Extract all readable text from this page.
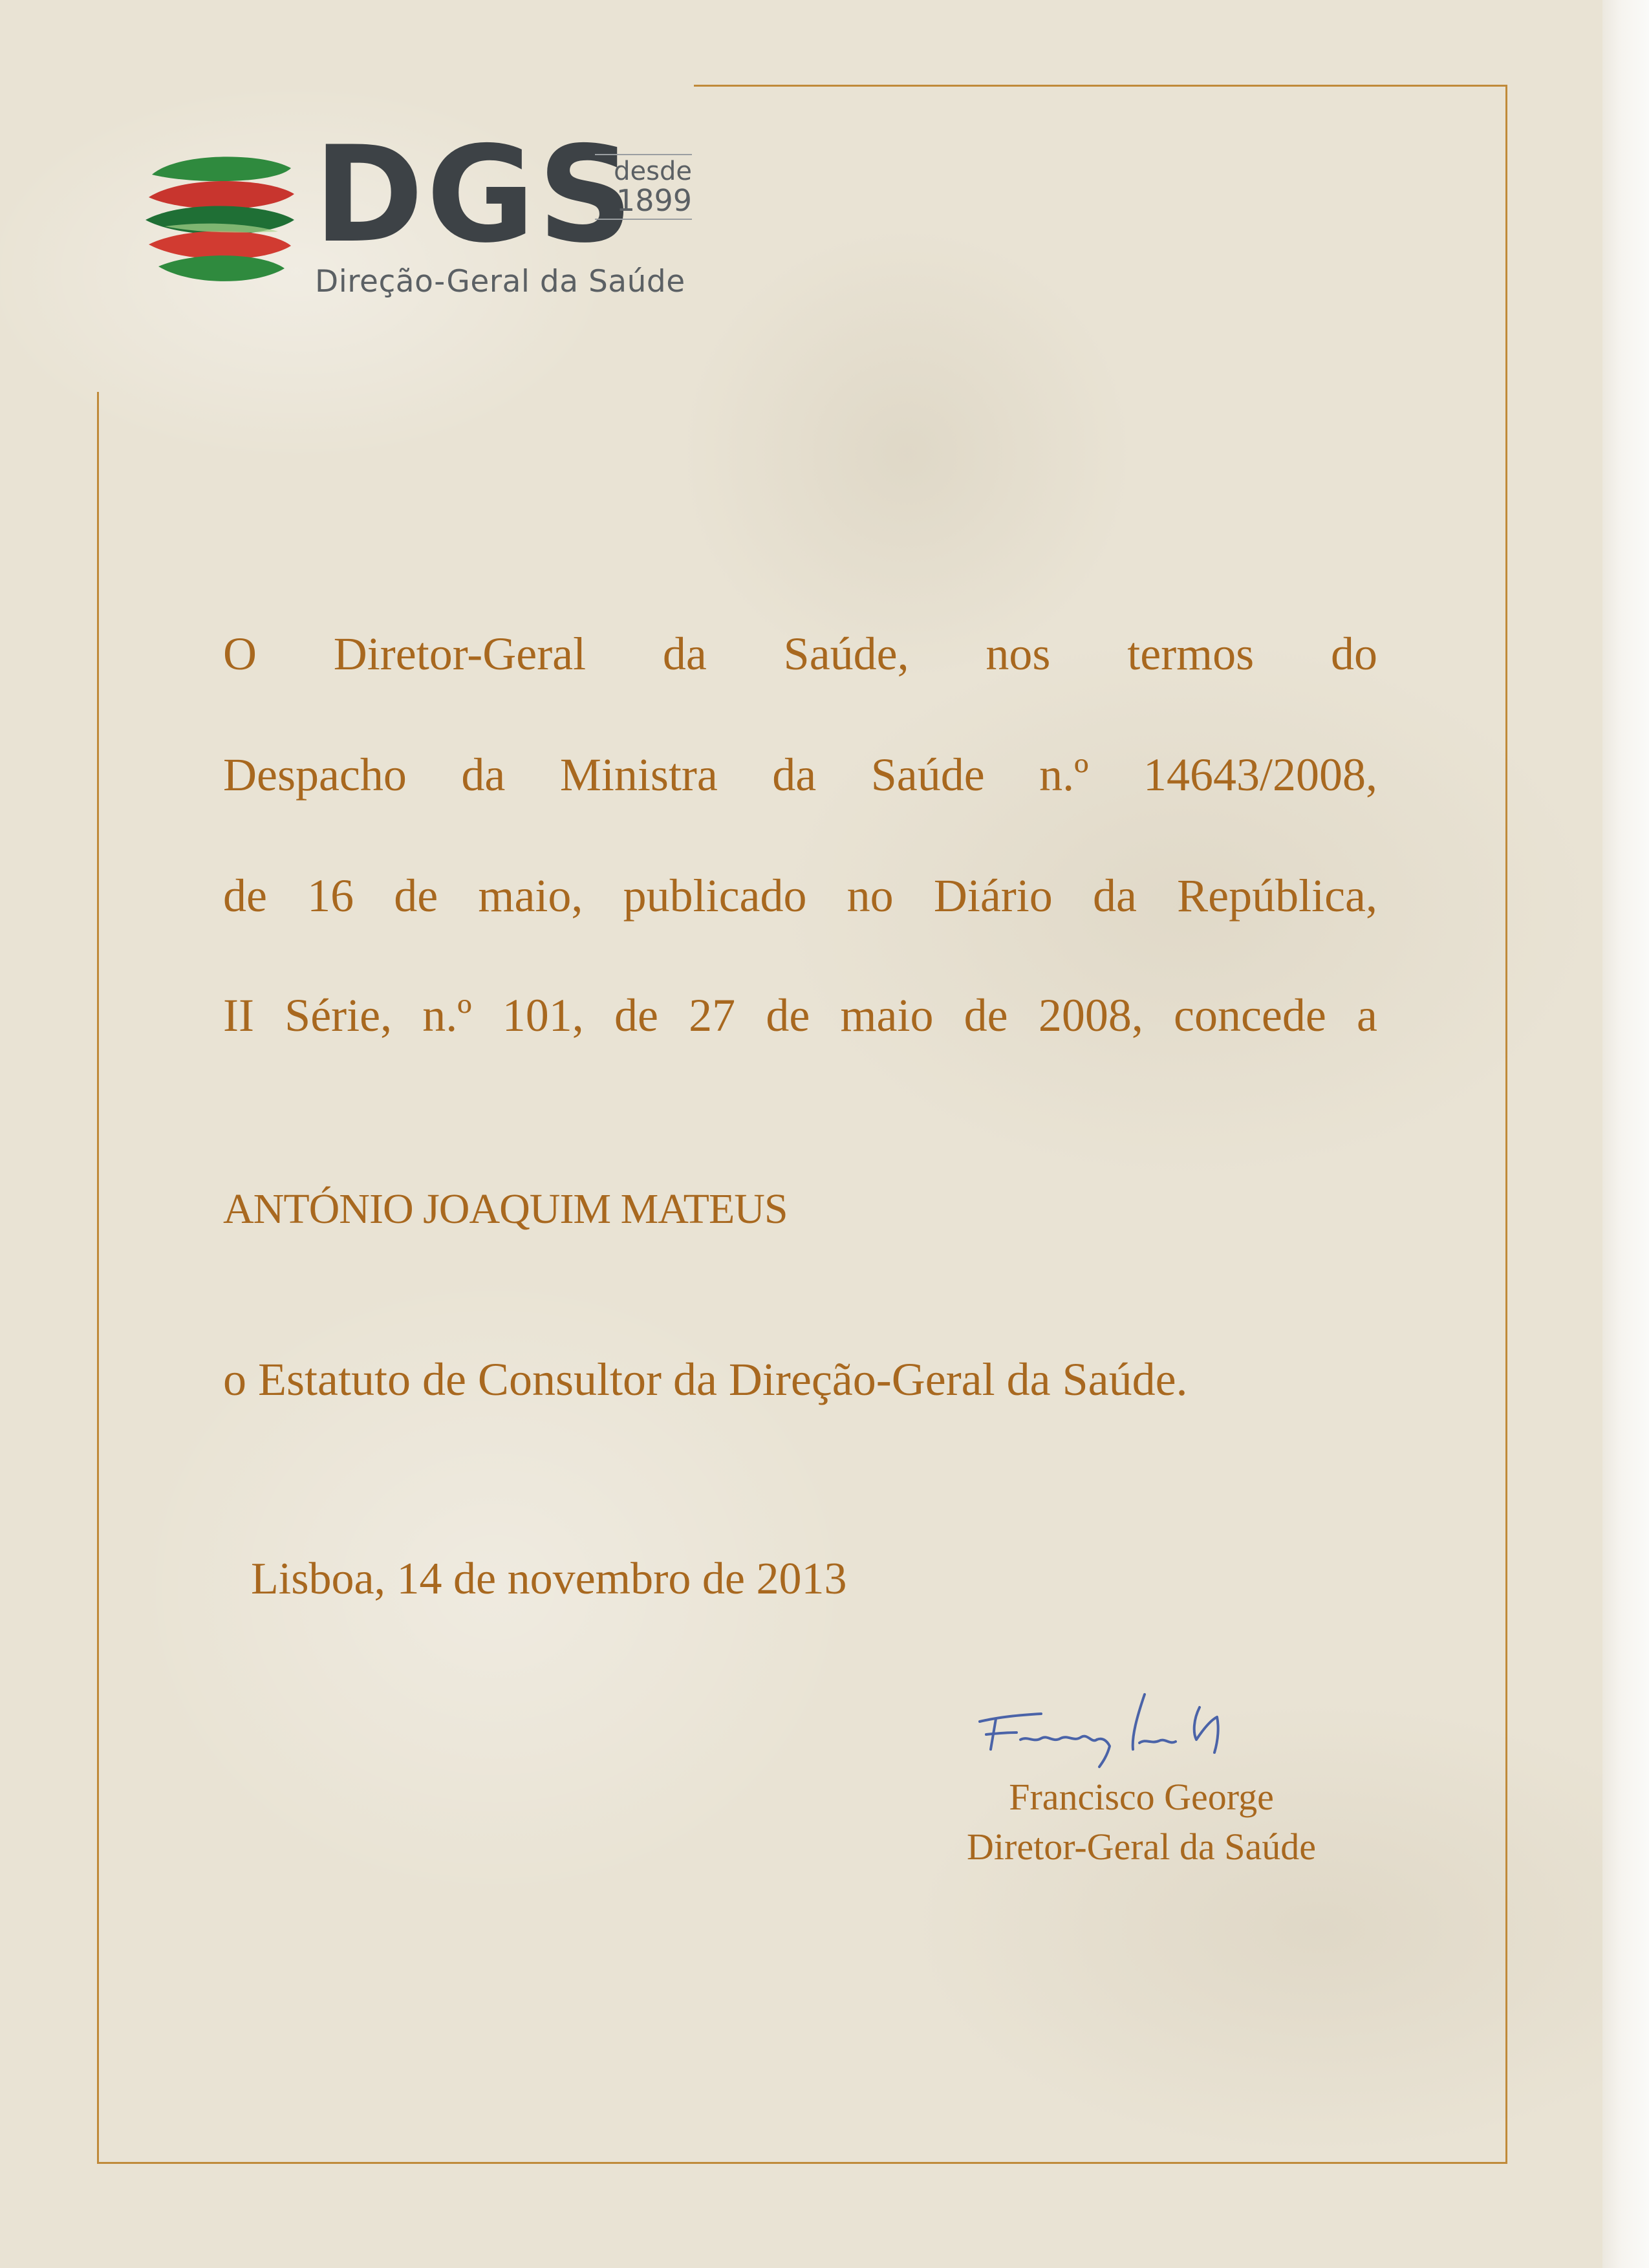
DGS
desde
1899
Direção-Geral da Saúde
O Diretor-Geral da Saúde, nos termos do
Despacho da Ministra da Saúde n.º 14643/2008,
de 16 de maio, publicado no Diário da República,
II Série, n.º 101, de 27 de maio de 2008, concede a
ANTÓNIO JOAQUIM MATEUS
o Estatuto de Consultor da Direção-Geral da Saúde.
Lisboa, 14 de novembro de 2013
Francisco George
Diretor-Geral da Saúde
